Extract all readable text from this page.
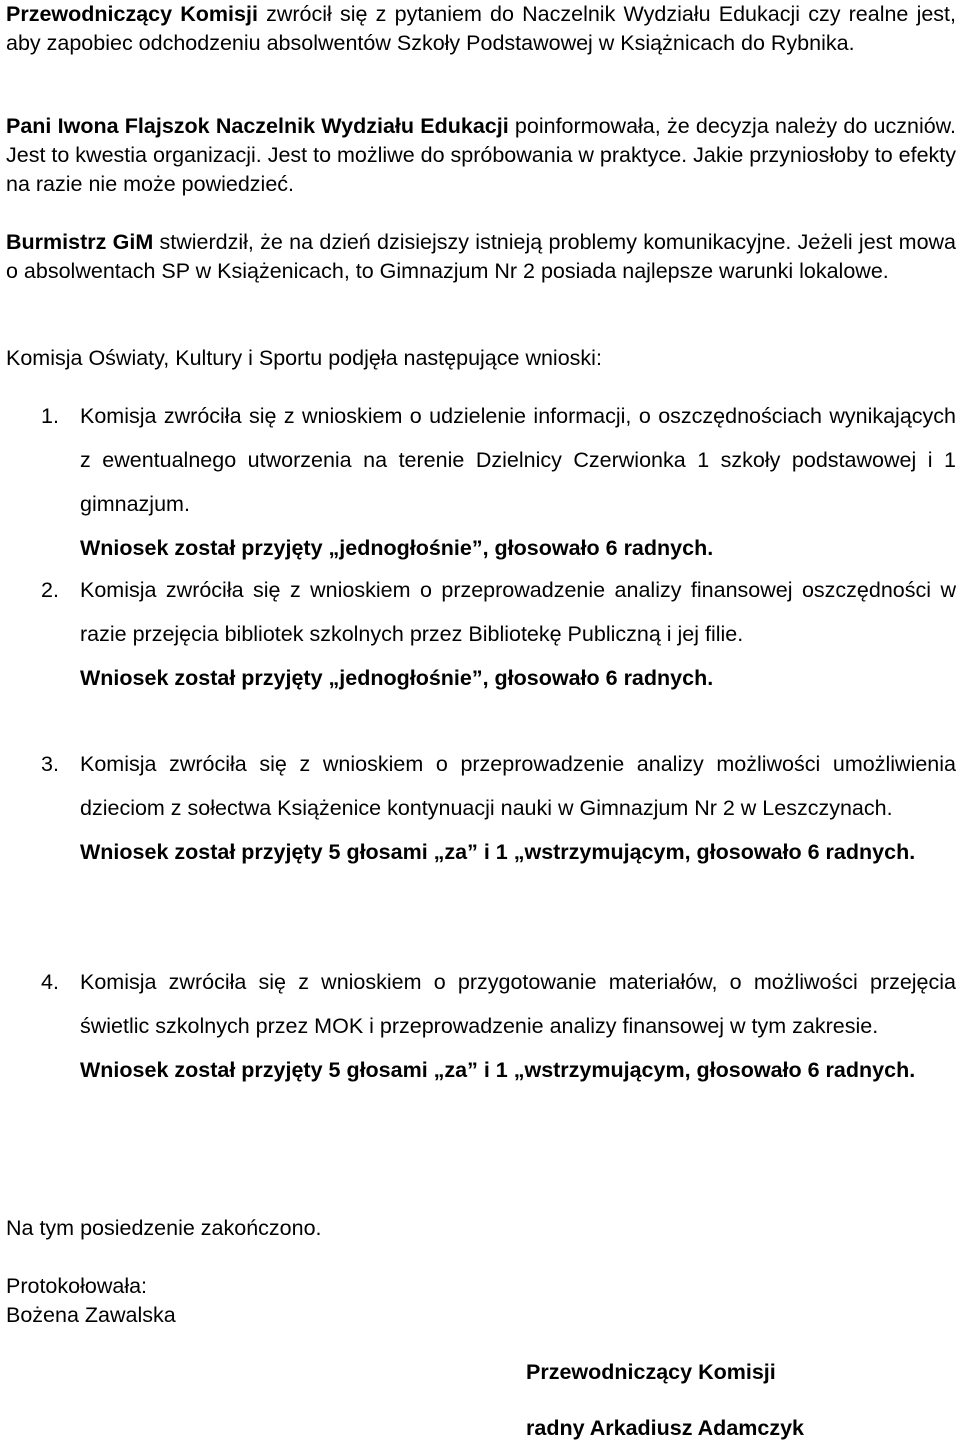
Przewodniczący Komisji zwrócił się z pytaniem do Naczelnik Wydziału Edukacji czy realne jest, aby zapobiec odchodzeniu absolwentów Szkoły Podstawowej w Książnicach do Rybnika.

Pani Iwona Flajszok Naczelnik Wydziału Edukacji poinformowała, że decyzja należy do uczniów. Jest to kwestia organizacji. Jest to możliwe do spróbowania w praktyce. Jakie przyniosłoby to efekty na razie nie może powiedzieć.

Burmistrz GiM stwierdził, że na dzień dzisiejszy istnieją problemy komunikacyjne. Jeżeli jest mowa o absolwentach SP w Książenicach, to Gimnazjum Nr 2 posiada najlepsze warunki lokalowe.

Komisja Oświaty, Kultury i Sportu podjęła następujące wnioski:

1. Komisja zwróciła się z wnioskiem o udzielenie informacji, o oszczędnościach wynikających z ewentualnego utworzenia na terenie Dzielnicy Czerwionka 1 szkoły podstawowej i 1 gimnazjum.
Wniosek został przyjęty „jednogłośnie”, głosowało 6 radnych.
2. Komisja zwróciła się z wnioskiem o przeprowadzenie analizy finansowej oszczędności w razie przejęcia bibliotek szkolnych przez Bibliotekę Publiczną i jej filie.
Wniosek został przyjęty „jednogłośnie”, głosowało 6 radnych.
3. Komisja zwróciła się z wnioskiem o przeprowadzenie analizy możliwości umożliwienia dzieciom z sołectwa Książenice kontynuacji nauki w Gimnazjum Nr 2 w Leszczynach.
Wniosek został przyjęty 5 głosami „za” i 1 „wstrzymującym, głosowało 6 radnych.
4. Komisja zwróciła się z wnioskiem o przygotowanie materiałów, o możliwości przejęcia świetlic szkolnych przez MOK i przeprowadzenie analizy finansowej w tym zakresie.
Wniosek został przyjęty 5 głosami „za” i 1 „wstrzymującym, głosowało 6 radnych.
Na tym posiedzenie zakończono.
Protokołowała:
Bożena Zawalska
Przewodniczący Komisji
radny Arkadiusz Adamczyk
